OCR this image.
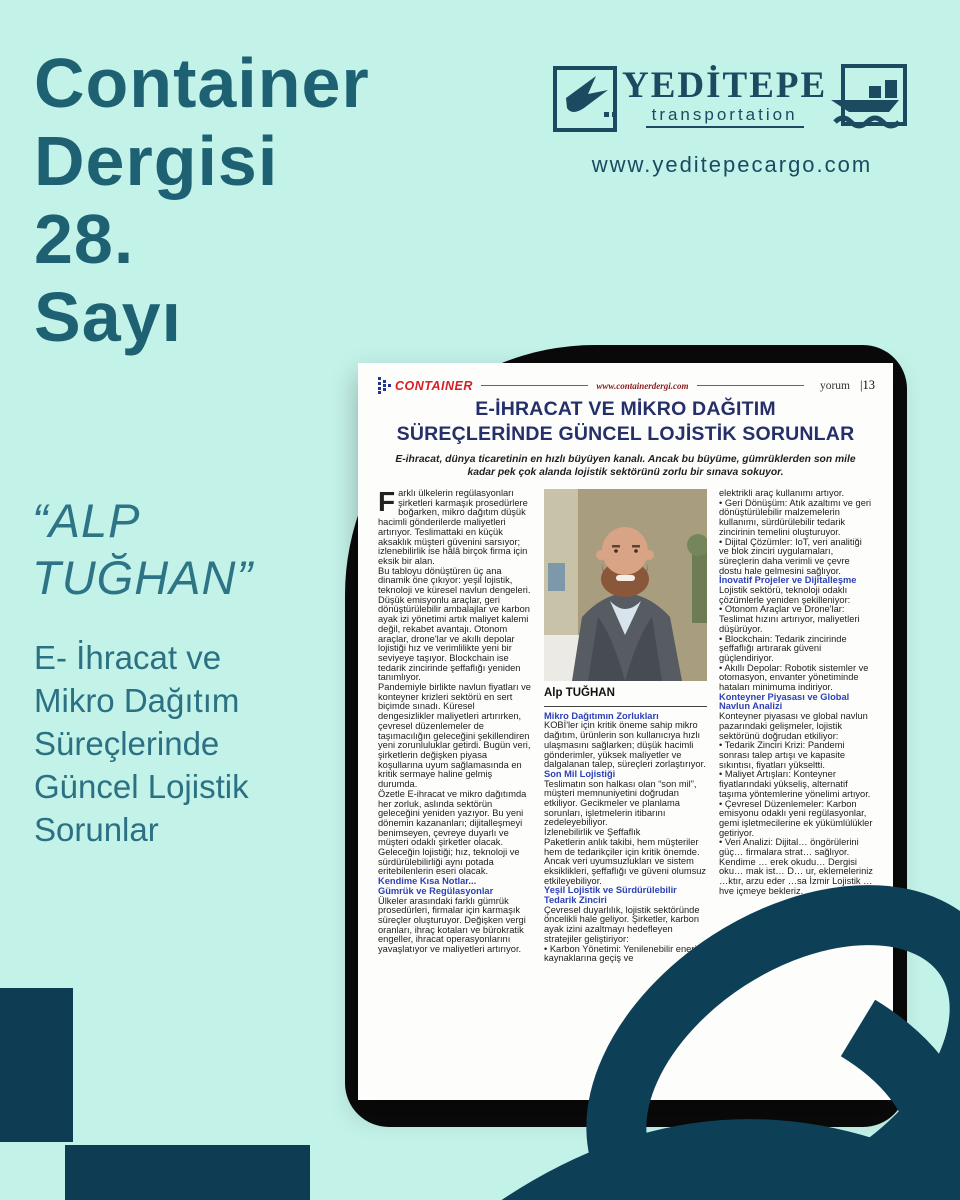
Container
Dergisi
28.
Sayı
YEDİTEPE
transportation
www.yeditepecargo.com
“ALP
TUĞHAN”
E- İhracat ve
Mikro Dağıtım
Süreçlerinde
Güncel Lojistik
Sorunlar
CONTAINER	www.containerdergi.com	yorum |13
E-İHRACAT VE MİKRO DAĞITIM
SÜREÇLERİNDE GÜNCEL LOJİSTİK SORUNLAR
E-ihracat, dünya ticaretinin en hızlı büyüyen kanalı. Ancak bu büyüme, gümrüklerden son mile kadar pek çok alanda lojistik sektörünü zorlu bir sınava sokuyor.

Farklı ülkelerin regülasyonları şirketleri karmaşık prosedürlere boğarken, mikro dağıtım düşük hacimli gönderilerde maliyetleri artırıyor. Teslimattaki en küçük aksaklık müşteri güvenini sarsıyor; izlenebilirlik ise hâlâ birçok firma için eksik bir alan.

Bu tabloyu dönüştüren üç ana dinamik öne çıkıyor: yeşil lojistik, teknoloji ve küresel navlun dengeleri. Düşük emisyonlu araçlar, geri dönüştürülebilir ambalajlar ve karbon ayak izi yönetimi artık maliyet kalemi değil, rekabet avantajı. Otonom araçlar, drone'lar ve akıllı depolar lojistiği hız ve verimlilikte yeni bir seviyeye taşıyor. Blockchain ise tedarik zincirinde şeffaflığı yeniden tanımlıyor.

Pandemiyle birlikte navlun fiyatları ve konteyner krizleri sektörü en sert biçimde sınadı. Küresel dengesizlikler maliyetleri artırırken, çevresel düzenlemeler de taşımacılığın geleceğini şekillendiren yeni zorunluluklar getirdi. Bugün veri, şirketlerin değişken piyasa koşullarına uyum sağlamasında en kritik sermaye haline gelmiş durumda.

Özetle E-ihracat ve mikro dağıtımda her zorluk, aslında sektörün geleceğini yeniden yazıyor. Bu yeni dönemin kazananları; dijitalleşmeyi benimseyen, çevreye duyarlı ve müşteri odaklı şirketler olacak. Geleceğin lojistiği; hız, teknoloji ve sürdürülebilirliği aynı potada eritebilenlerin eseri olacak.

Kendime Kısa Notlar...

Gümrük ve Regülasyonlar

Ülkeler arasındaki farklı gümrük prosedürleri, firmalar için karmaşık süreçler oluşturuyor. Değişken vergi oranları, ihraç kotaları ve bürokratik engeller, ihracat operasyonlarını yavaşlatıyor ve maliyetleri artırıyor.

Alp TUĞHAN

Mikro Dağıtımın Zorlukları

KOBİ'ler için kritik öneme sahip mikro dağıtım, ürünlerin son kullanıcıya hızlı ulaşmasını sağlarken; düşük hacimli gönderimler, yüksek maliyetler ve dalgalanan talep, süreçleri zorlaştırıyor.

Son Mil Lojistiği

Teslimatın son halkası olan “son mil”, müşteri memnuniyetini doğrudan etkiliyor. Gecikmeler ve planlama sorunları, işletmelerin itibarını zedeleyebiliyor.

İzlenebilirlik ve Şeffaflık

Paketlerin anlık takibi, hem müşteriler hem de tedarikçiler için kritik önemde. Ancak veri uyumsuzlukları ve sistem eksiklikleri, şeffaflığı ve güveni olumsuz etkileyebiliyor.

Yeşil Lojistik ve Sürdürülebilir Tedarik Zinciri

Çevresel duyarlılık, lojistik sektöründe öncelikli hale geliyor. Şirketler, karbon ayak izini azaltmayı hedefleyen stratejiler geliştiriyor:

• Karbon Yönetimi: Yenilenebilir enerji kaynaklarına geçiş ve

elektrikli araç kullanımı artıyor.

• Geri Dönüşüm: Atık azaltımı ve geri dönüştürülebilir malzemelerin kullanımı, sürdürülebilir tedarik zincirinin temelini oluşturuyor.

• Dijital Çözümler: IoT, veri analitiği ve blok zinciri uygulamaları, süreçlerin daha verimli ve çevre dostu hale gelmesini sağlıyor.

İnovatif Projeler ve Dijitalleşme

Lojistik sektörü, teknoloji odaklı çözümlerle yeniden şekilleniyor:

• Otonom Araçlar ve Drone'lar: Teslimat hızını artırıyor, maliyetleri düşürüyor.

• Blockchain: Tedarik zincirinde şeffaflığı artırarak güveni güçlendiriyor.

• Akıllı Depolar: Robotik sistemler ve otomasyon, envanter yönetiminde hataları minimuma indiriyor.

Konteyner Piyasası ve Global Navlun Analizi

Konteyner piyasası ve global navlun pazarındaki gelişmeler, lojistik sektörünü doğrudan etkiliyor:

• Tedarik Zinciri Krizi: Pandemi sonrası talep artışı ve kapasite sıkıntısı, fiyatları yükseltti.

• Maliyet Artışları: Konteyner fiyatlarındaki yükseliş, alternatif taşıma yöntemlerine yönelimi artıyor.

• Çevresel Düzenlemeler: Karbon emisyonu odaklı yeni regülasyonlar, gemi işletmecilerine ek yükümlülükler getiriyor.

• Veri Analizi: Dijital… öngörülerini güç… firmalara strat… sağlıyor.

Kendime … erek okudu… Dergisi oku… mak ist… D… ur, eklemeleriniz …ktır, arzu eder …sa İzmir Lojistik …hve içmeye bekleriz.
